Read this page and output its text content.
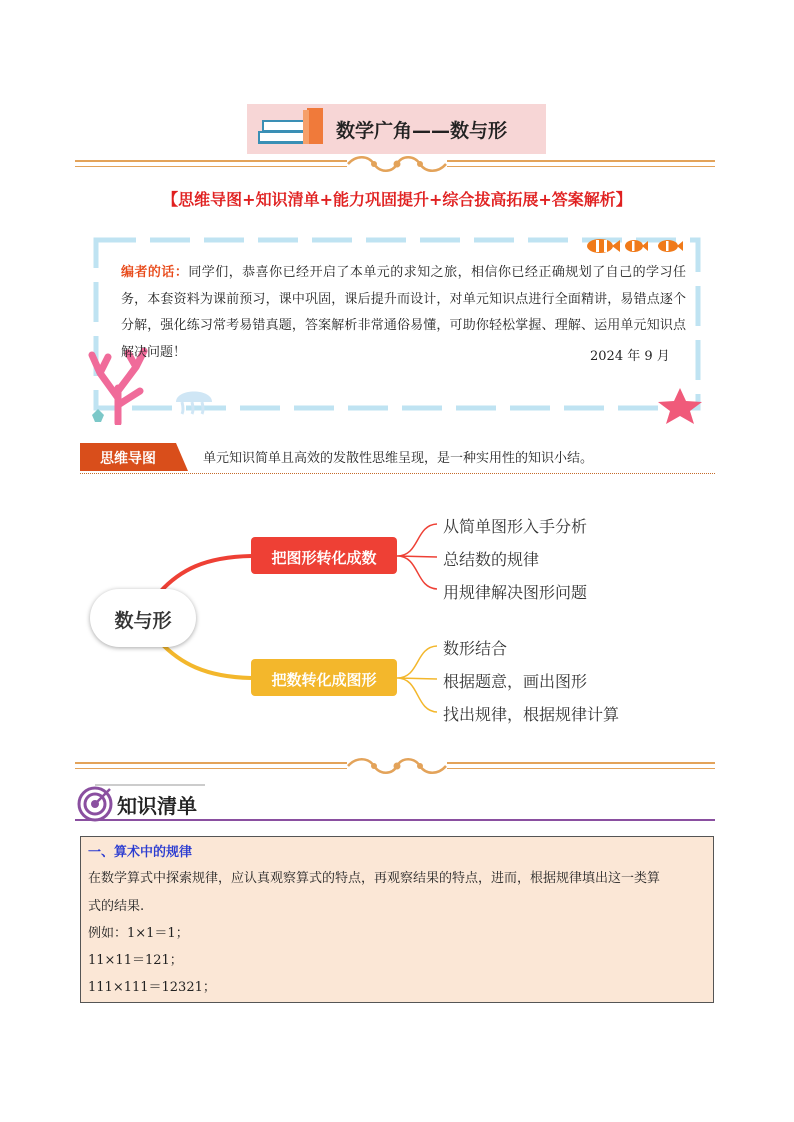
数学广角——数与形
【思维导图+知识清单+能力巩固提升+综合拔高拓展+答案解析】
编者的话：同学们，恭喜你已经开启了本单元的求知之旅，相信你已经正确规划了自己的学习任务，本套资料为课前预习，课中巩固，课后提升而设计，对单元知识点进行全面精讲，易错点逐个分解，强化练习常考易错真题，答案解析非常通俗易懂，可助你轻松掌握、理解、运用单元知识点解决问题！	2024 年 9 月
思维导图	单元知识简单且高效的发散性思维呈现，是一种实用性的知识小结。
数与形
把图形转化成数
把数转化成图形
从简单图形入手分析
总结数的规律
用规律解决图形问题
数形结合
根据题意，画出图形
找出规律，根据规律计算
知识清单
一、算术中的规律
在数学算式中探索规律，应认真观察算式的特点，再观察结果的特点，进而，根据规律填出这一类算
式的结果.
例如：1×1＝1；
11×11＝121；
111×111＝12321；
